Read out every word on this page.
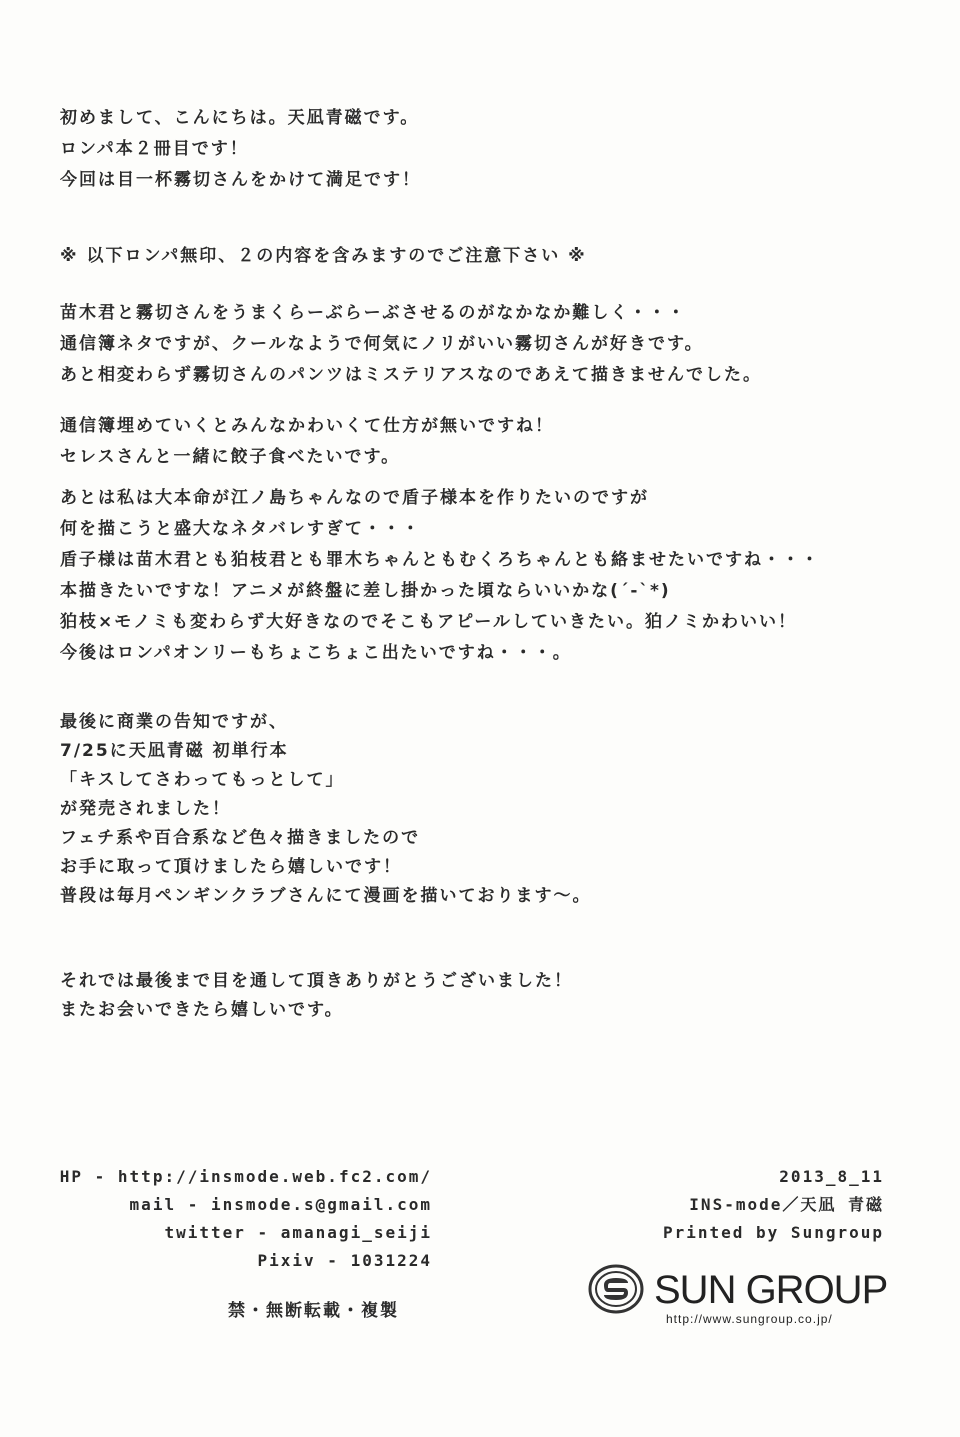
初めまして、こんにちは。天凪青磁です。
ロンパ本２冊目です！
今回は目一杯霧切さんをかけて満足です！
※ 以下ロンパ無印、２の内容を含みますのでご注意下さい ※
苗木君と霧切さんをうまくらーぶらーぶさせるのがなかなか難しく・・・
通信簿ネタですが、クールなようで何気にノリがいい霧切さんが好きです。
あと相変わらず霧切さんのパンツはミステリアスなのであえて描きませんでした。
通信簿埋めていくとみんなかわいくて仕方が無いですね！
セレスさんと一緒に餃子食べたいです。
あとは私は大本命が江ノ島ちゃんなので盾子様本を作りたいのですが
何を描こうと盛大なネタバレすぎて・・・
盾子様は苗木君とも狛枝君とも罪木ちゃんともむくろちゃんとも絡ませたいですね・・・
本描きたいですな！アニメが終盤に差し掛かった頃ならいいかな(´-`*)
狛枝×モノミも変わらず大好きなのでそこもアピールしていきたい。狛ノミかわいい！
今後はロンパオンリーもちょこちょこ出たいですね・・・。
最後に商業の告知ですが、
7/25に天凪青磁 初単行本
「キスしてさわってもっとして」
が発売されました！
フェチ系や百合系など色々描きましたので
お手に取って頂けましたら嬉しいです！
普段は毎月ペンギンクラブさんにて漫画を描いております～。
それでは最後まで目を通して頂きありがとうございました！
またお会いできたら嬉しいです。
HP - http://insmode.web.fc2.com/
mail - insmode.s@gmail.com
twitter - amanagi_seiji
Pixiv - 1031224
禁・無断転載・複製
2013_8_11
INS-mode／天凪 青磁
Printed by Sungroup
SUN GROUP
http://www.sungroup.co.jp/
